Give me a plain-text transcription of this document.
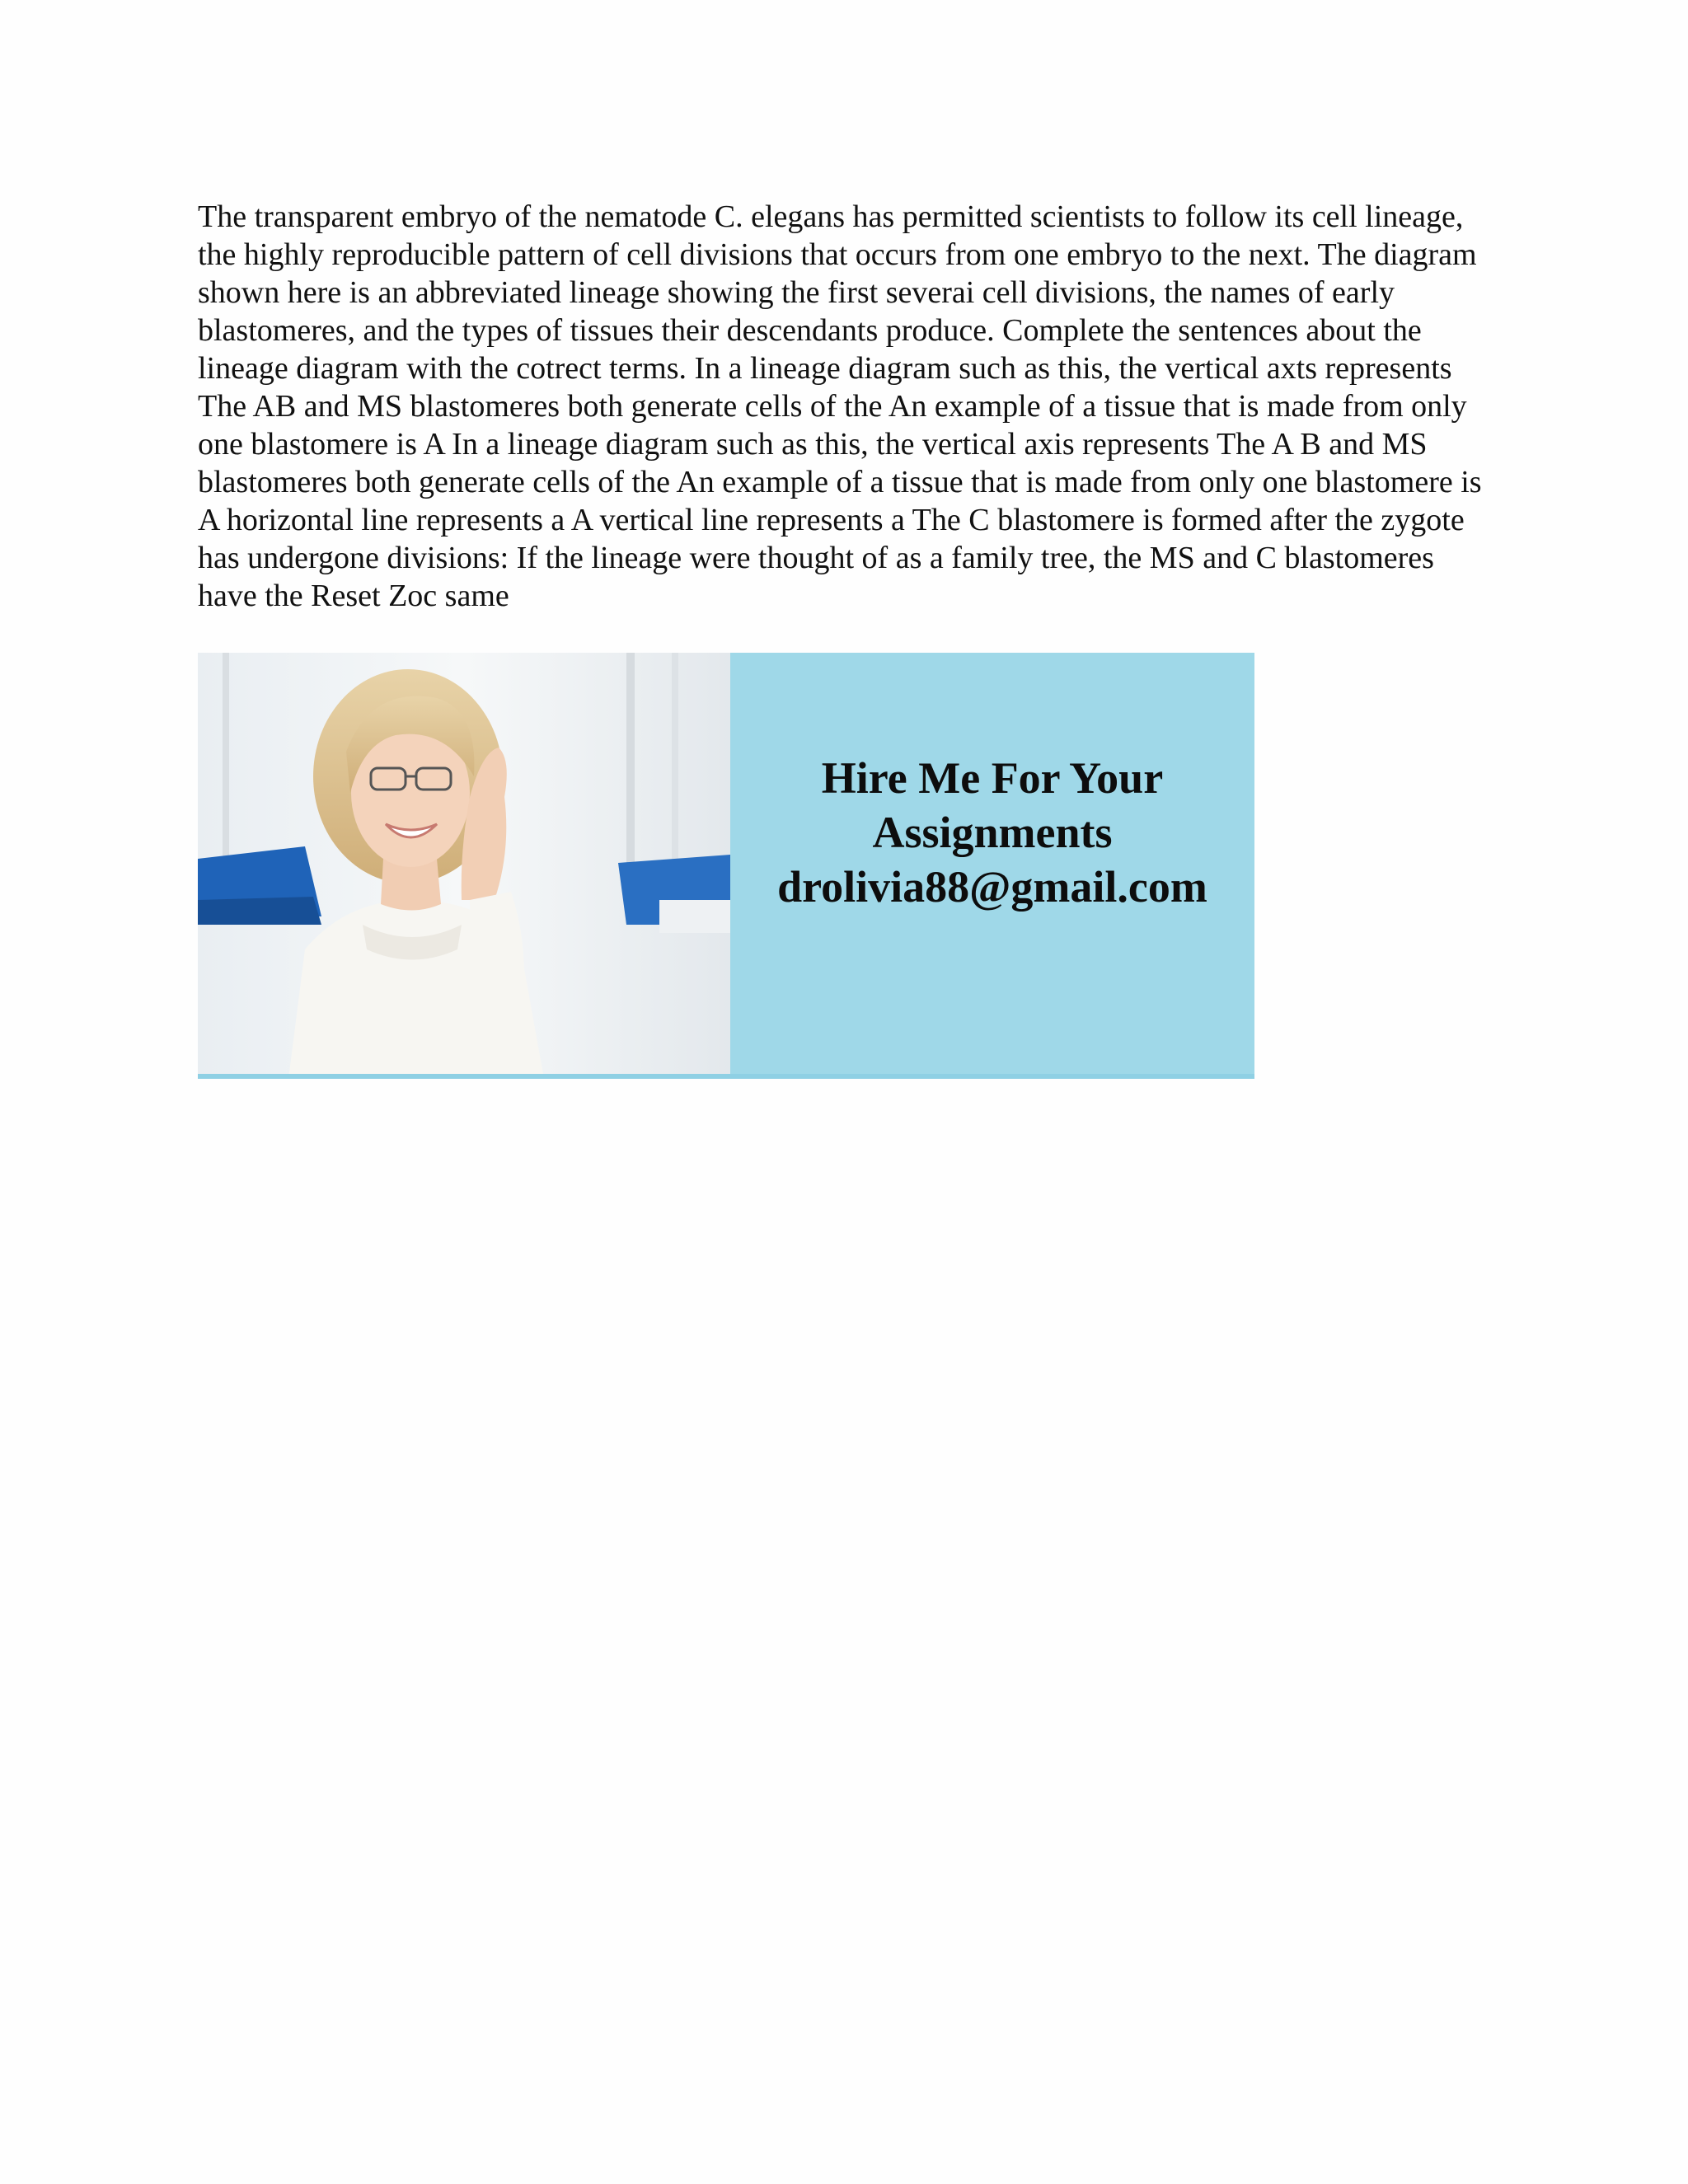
The transparent embryo of the nematode C. elegans has permitted scientists to follow its cell lineage, the highly reproducible pattern of cell divisions that occurs from one embryo to the next. The diagram shown here is an abbreviated lineage showing the first severai cell divisions, the names of early blastomeres, and the types of tissues their descendants produce. Complete the sentences about the lineage diagram with the cotrect terms. In a lineage diagram such as this, the vertical axts represents The AB and MS blastomeres both generate cells of the An example of a tissue that is made from only one blastomere is A In a lineage diagram such as this, the vertical axis represents The A B and MS blastomeres both generate cells of the An example of a tissue that is made from only one blastomere is A horizontal line represents a A vertical line represents a The C blastomere is formed after the zygote has undergone divisions: If the lineage were thought of as a family tree, the MS and C blastomeres have the Reset Zoc same

Hire Me For Your
Assignments
drolivia88@gmail.com
